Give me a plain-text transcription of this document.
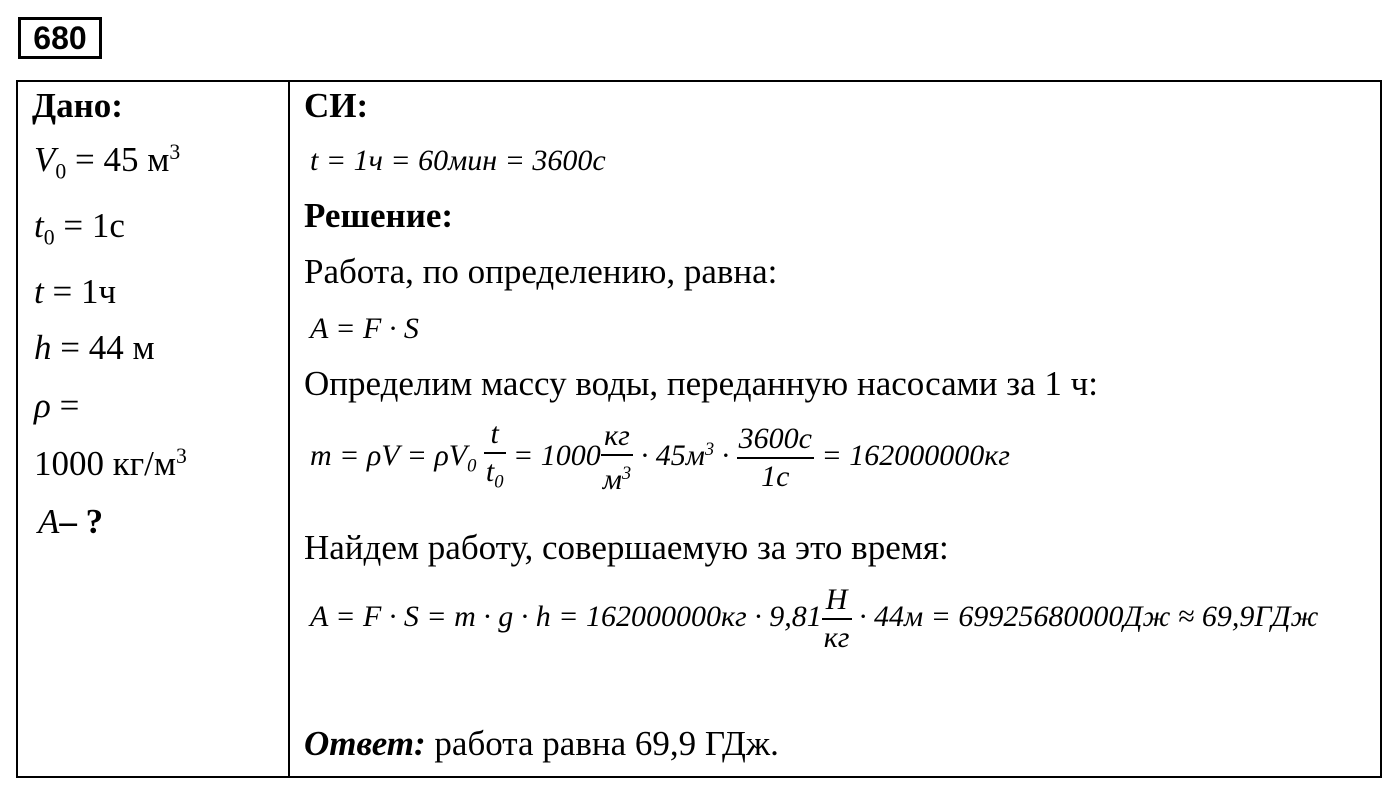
680
Дано:
$V_0 = 45$ $м^3$
$t_0 = 1с$
t = 1ч
h = 44 м
ρ =
1000 $кг/м^3$
A– ?
СИ:
t = 1ч = 60мин = 3600с
Решение:
Работа, по определению, равна:
A = F · S
Определим массу воды, переданную насосами за 1 ч:
$m = \rho V = \rho V_0 \frac{t}{t_0} = 1000 \frac{кг}{м^3} \cdot 45м^3 \cdot \frac{3600с}{1с} = 162000000кг$
Найдем работу, совершаемую за это время:
$A = F \cdot S = m \cdot g \cdot h = 162000000кг \cdot 9,81 \frac{Н}{кг} \cdot 44м = 69925680000Дж \approx 69,9ГДж$
Ответ: работа равна 69,9 ГДж.
